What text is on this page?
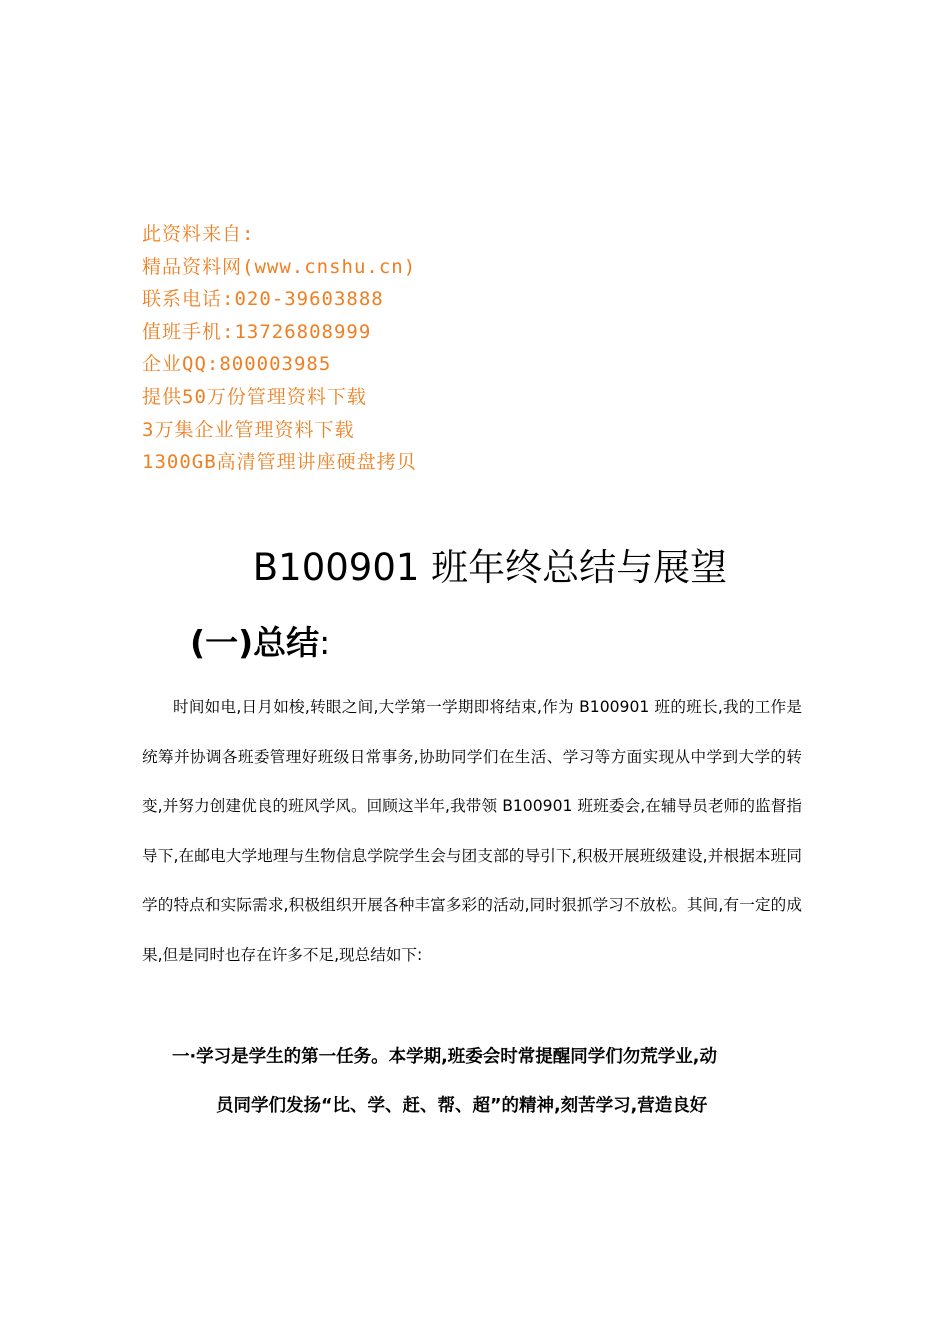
此资料来自:
精品资料网(www.cnshu.cn)
联系电话:020-39603888
值班手机:13726808999
企业QQ:800003985
提供50万份管理资料下载
3万集企业管理资料下载
1300GB高清管理讲座硬盘拷贝
B100901 班年终总结与展望
(一)总结:
时间如电,日月如梭,转眼之间,大学第一学期即将结束,作为 B100901 班的班长,我的工作是统筹并协调各班委管理好班级日常事务,协助同学们在生活、学习等方面实现从中学到大学的转变,并努力创建优良的班风学风。回顾这半年,我带领 B100901 班班委会,在辅导员老师的监督指导下,在邮电大学地理与生物信息学院学生会与团支部的导引下,积极开展班级建设,并根据本班同学的特点和实际需求,积极组织开展各种丰富多彩的活动,同时狠抓学习不放松。其间,有一定的成果,但是同时也存在许多不足,现总结如下:
一·学习是学生的第一任务。本学期,班委会时常提醒同学们勿荒学业,动
员同学们发扬“比、学、赶、帮、超”的精神,刻苦学习,营造良好
